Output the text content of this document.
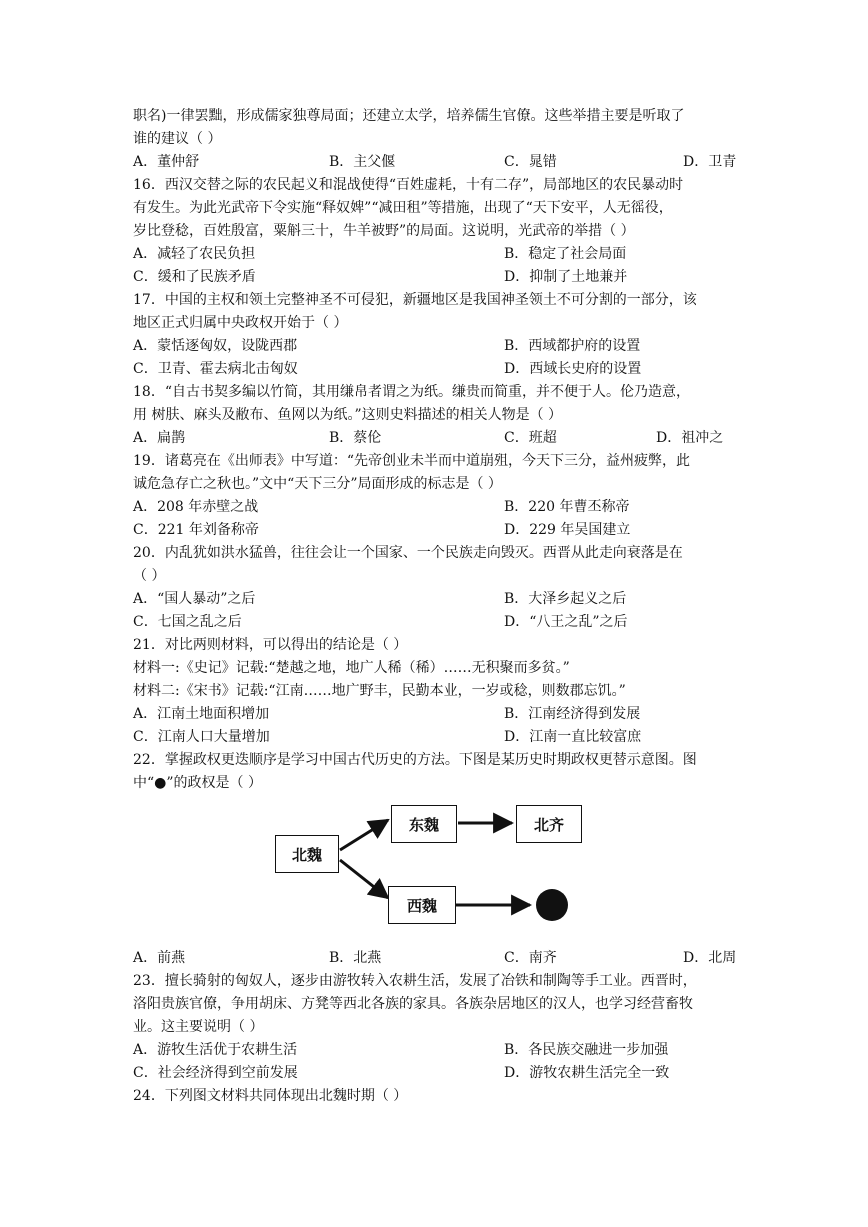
职名)一律罢黜，形成儒家独尊局面；还建立太学，培养儒生官僚。这些举措主要是听取了
谁的建议（ ）
A．董仲舒	B．主父偃	C．晁错	D．卫青
16．西汉交替之际的农民起义和混战使得“百姓虚耗，十有二存”，局部地区的农民暴动时
有发生。为此光武帝下令实施“释奴婢”“减田租”等措施，出现了“天下安平，人无徭役，
岁比登稔，百姓殷富，粟斛三十，牛羊被野”的局面。这说明，光武帝的举措（ ）
A．减轻了农民负担	B．稳定了社会局面
C．缓和了民族矛盾	D．抑制了土地兼并
17．中国的主权和领土完整神圣不可侵犯，新疆地区是我国神圣领土不可分割的一部分，该
地区正式归属中央政权开始于（ ）
A．蒙恬逐匈奴，设陇西郡	B．西域都护府的设置
C．卫青、霍去病北击匈奴	D．西域长史府的设置
18．“自古书契多编以竹简，其用缣帛者谓之为纸。缣贵而简重，并不便于人。伦乃造意，
用 树肤、麻头及敝布、鱼网以为纸。”这则史料描述的相关人物是（ ）
A．扁鹊	B．蔡伦	C．班超	D．祖冲之
19．诸葛亮在《出师表》中写道：“先帝创业未半而中道崩殂，今天下三分，益州疲弊，此
诚危急存亡之秋也。”文中“天下三分”局面形成的标志是（ ）
A．208 年赤壁之战	B．220 年曹丕称帝
C．221 年刘备称帝	D．229 年吴国建立
20．内乱犹如洪水猛兽，往往会让一个国家、一个民族走向毁灭。西晋从此走向衰落是在
（ ）
A．“国人暴动”之后	B．大泽乡起义之后
C．七国之乱之后	D．“八王之乱”之后
21．对比两则材料，可以得出的结论是（ ）
材料一:《史记》记载:“楚越之地，地广人稀（稀）……无积聚而多贫。”
材料二:《宋书》记载:“江南……地广野丰，民勤本业，一岁或稔，则数郡忘饥。”
A．江南土地面积增加	B．江南经济得到发展
C．江南人口大量增加	D．江南一直比较富庶
22．掌握政权更迭顺序是学习中国古代历史的方法。下图是某历史时期政权更替示意图。图
中“●”的政权是（ ）
北魏
东魏	北齐
西魏
A．前燕	B．北燕	C．南齐	D．北周
23．擅长骑射的匈奴人，逐步由游牧转入农耕生活，发展了冶铁和制陶等手工业。西晋时，
洛阳贵族官僚，争用胡床、方凳等西北各族的家具。各族杂居地区的汉人，也学习经营畜牧
业。这主要说明（ ）
A．游牧生活优于农耕生活	B．各民族交融进一步加强
C．社会经济得到空前发展	D．游牧农耕生活完全一致
24．下列图文材料共同体现出北魏时期（ ）
